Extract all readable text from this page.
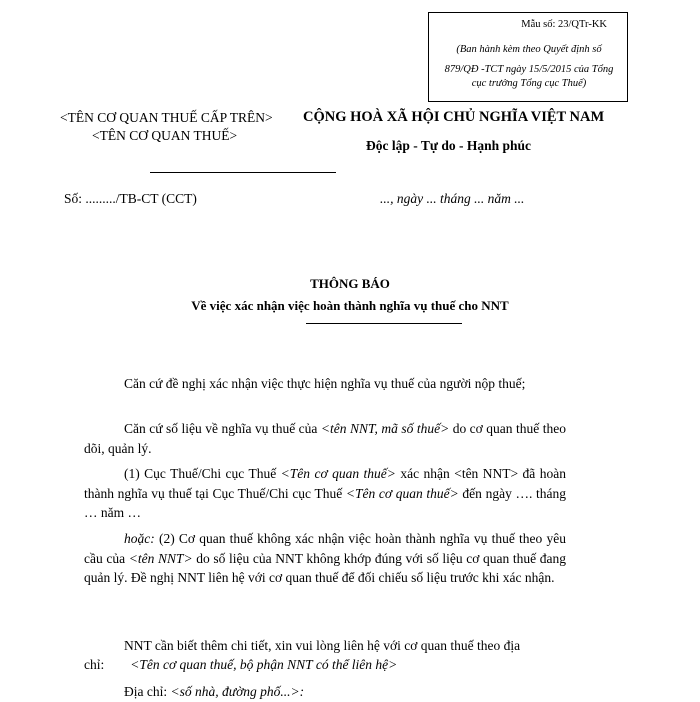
Mẫu số: 23/QTr-KK
(Ban hành kèm theo Quyết định số
879/QĐ -TCT ngày 15/5/2015 của Tổng cục trưởng Tổng cục Thuế)
<TÊN CƠ QUAN THUẾ CẤP TRÊN>
<TÊN CƠ QUAN THUẾ>
CỘNG HOÀ XÃ HỘI CHỦ NGHĨA VIỆT NAM
Độc lập - Tự do - Hạnh phúc
Số: ........./TB-CT (CCT)	..., ngày ... tháng ... năm ...
THÔNG BÁO
Về việc xác nhận việc hoàn thành nghĩa vụ thuế cho NNT

Căn cứ đề nghị xác nhận việc thực hiện nghĩa vụ thuế của người nộp thuế;

Căn cứ số liệu về nghĩa vụ thuế của <tên NNT, mã số thuế> do cơ quan thuế theo dõi, quản lý.

(1) Cục Thuế/Chi cục Thuế <Tên cơ quan thuế> xác nhận <tên NNT> đã hoàn thành nghĩa vụ thuế tại Cục Thuế/Chi cục Thuế <Tên cơ quan thuế> đến ngày …. tháng … năm …

hoặc: (2) Cơ quan thuế không xác nhận việc hoàn thành nghĩa vụ thuế theo yêu cầu của <tên NNT> do số liệu của NNT không khớp đúng với số liệu cơ quan thuế đang quản lý. Đề nghị NNT liên hệ với cơ quan thuế để đối chiếu số liệu trước khi xác nhận.

NNT cần biết thêm chi tiết, xin vui lòng liên hệ với cơ quan thuế theo địa

chỉ: <Tên cơ quan thuế, bộ phận NNT có thể liên hệ>
Địa chỉ: <số nhà, đường phố...>:
